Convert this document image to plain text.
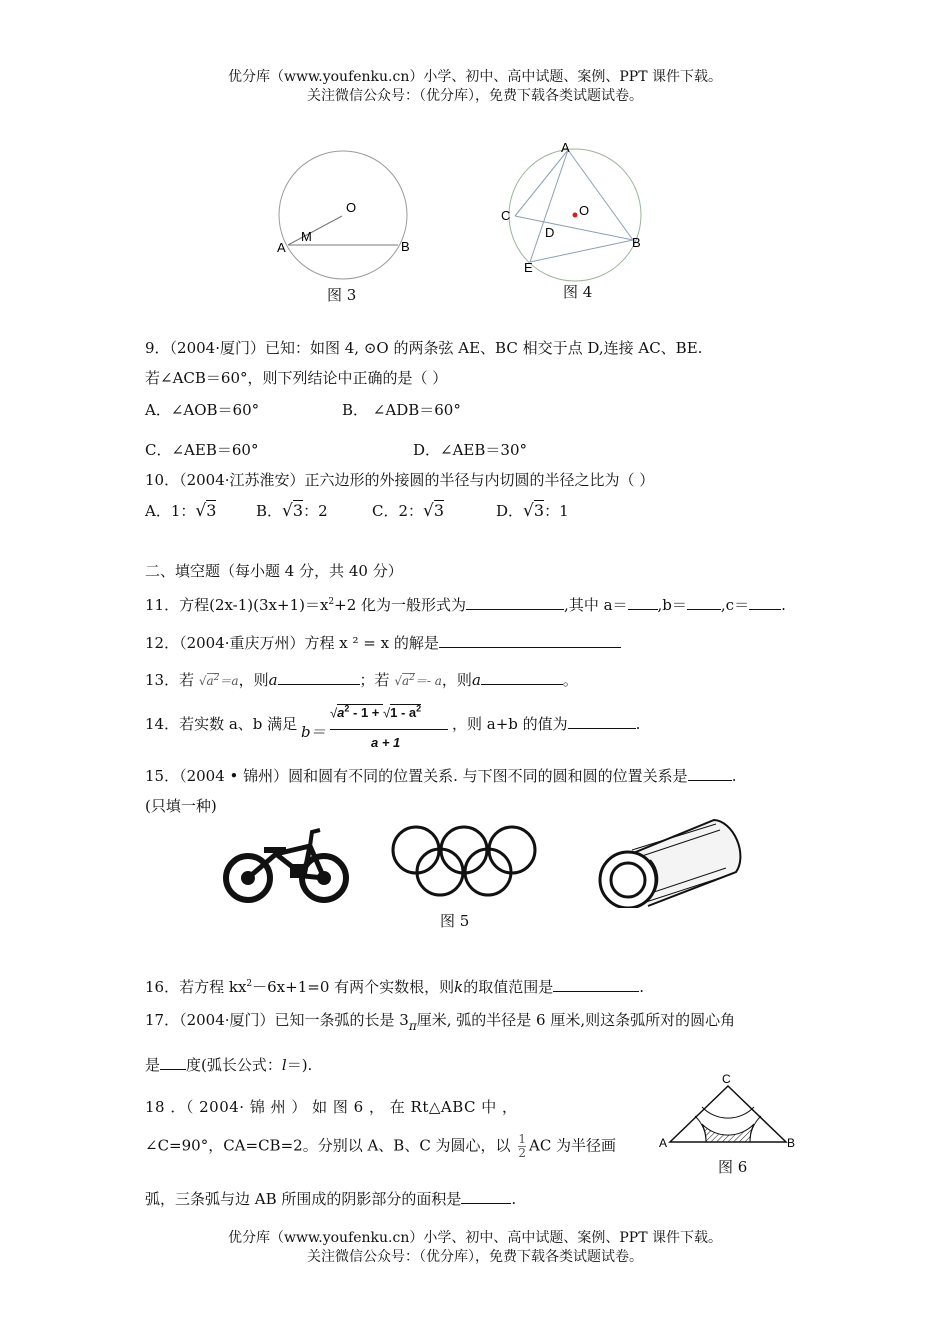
优分库（www.youfenku.cn）小学、初中、高中试题、案例、PPT 课件下载。
关注微信公众号：（优分库），免费下载各类试题试卷。
O
M
A	B
图 3
A
C	O
D
B
E
图 4
9．（2004·厦门）已知：如图 4, ⊙O 的两条弦 AE、BC 相交于点 D,连接 AC、BE.
若∠ACB＝60°，则下列结论中正确的是（ ）
A．∠AOB＝60°	B． ∠ADB＝60°
C．∠AEB＝60°	D．∠AEB＝30°
10．（2004·江苏淮安）正六边形的外接圆的半径与内切圆的半径之比为（ ）
A．1：√3	B．√3：2	C．2：√3	D．√3：1
二、填空题（每小题 4 分，共 40 分）
11．方程$(2x-1)(3x+1)=x^2+2$ 化为一般形式为	,其中 a＝ ,b＝ ,c＝ .
12．（2004·重庆万州）方程 x ² = x 的解是
13．若 $√a^2=a$，则a	；若 $√a^2=-$ a，则a	。
14．若实数 a、b 满足 b＝
$√a^2 - 1 + √1 - a^2$
a + 1
，则 a+b 的值为	.
15．（2004 • 锦州）圆和圆有不同的位置关系. 与下图不同的圆和圆的位置关系是	.
(只填一种)
图 5
16．若方程 $kx^2-6x+1=0$ 有两个实数根，则k的取值范围是	.
17．（2004·厦门）已知一条弧的长是 $3_\pi$厘米, 弧的半径是 6 厘米,则这条弧所对的圆心角
是 度(弧长公式：l＝).
18 ．（ 2004· 锦 州 ） 如 图 6 ， 在 Rt△ABC 中 ，
∠C=90°，CA=CB=2。分别以 A、B、C 为圆心，以 $\frac{1}{2}$ AC 为半径画
弧，三条弧与边 AB 所围成的阴影部分的面积是	.
C
A	B
图 6
优分库（www.youfenku.cn）小学、初中、高中试题、案例、PPT 课件下载。
关注微信公众号：（优分库），免费下载各类试题试卷。
